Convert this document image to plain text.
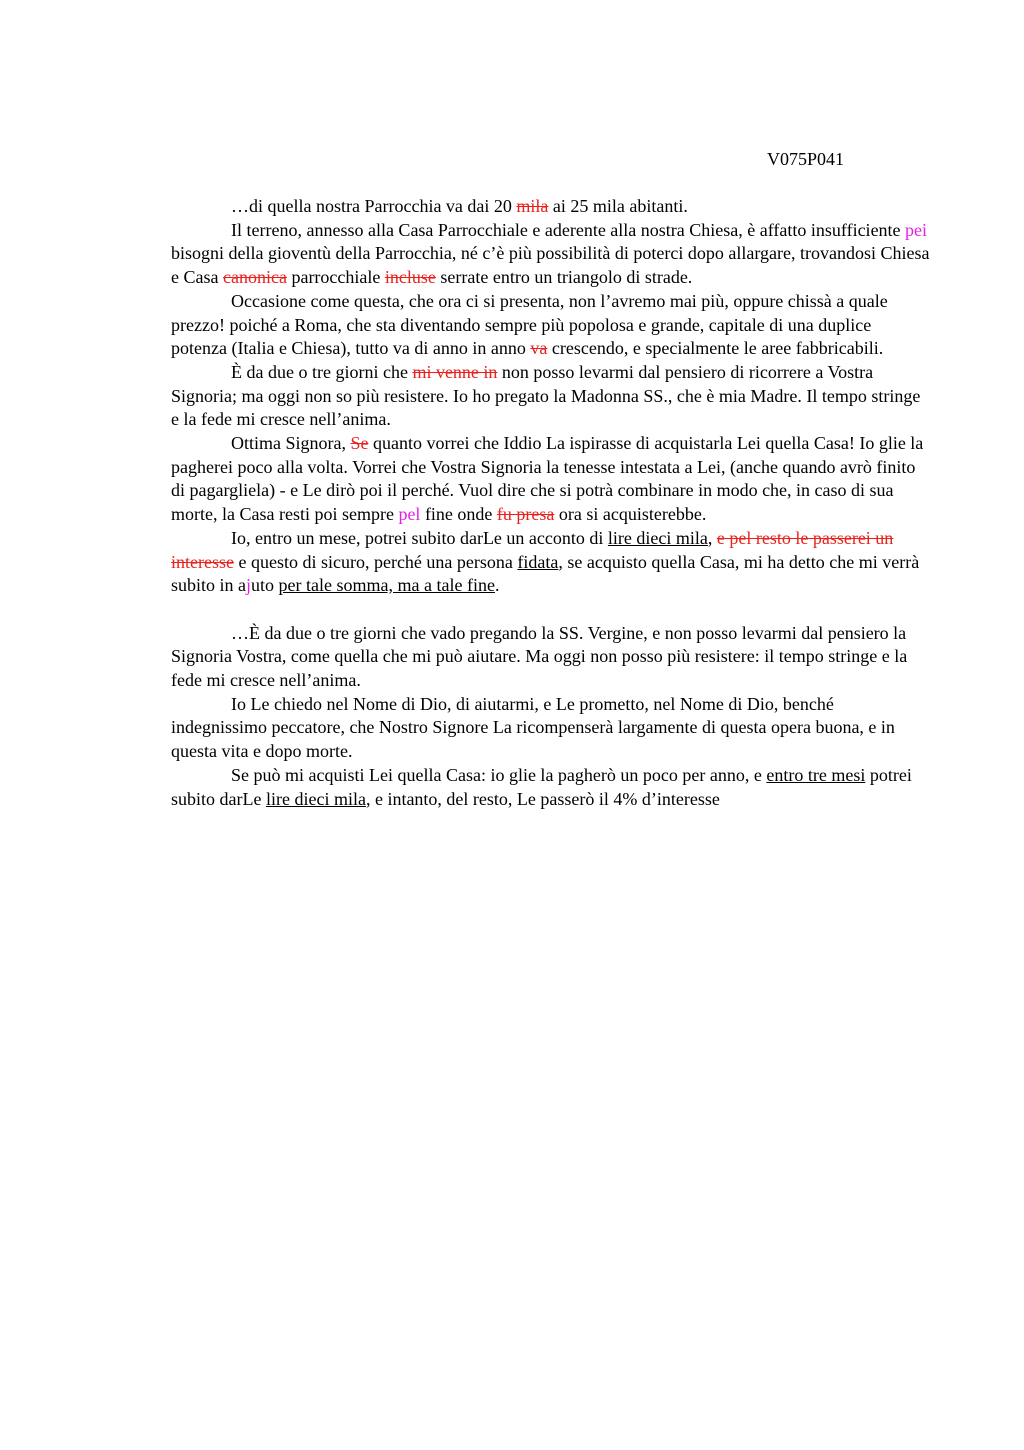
V075P041

…di quella nostra Parrocchia va dai 20 mila ai 25 mila abitanti.

Il terreno, annesso alla Casa Parrocchiale e aderente alla nostra Chiesa, è affatto insufficiente pei bisogni della gioventù della Parrocchia, né c’è più possibilità di poterci dopo allargare, trovandosi Chiesa e Casa canonica parrocchiale incluse serrate entro un triangolo di strade.

Occasione come questa, che ora ci si presenta, non l’avremo mai più, oppure chissà a quale prezzo! poiché a Roma, che sta diventando sempre più popolosa e grande, capitale di una duplice potenza (Italia e Chiesa), tutto va di anno in anno va crescendo, e specialmente le aree fabbricabili.

È da due o tre giorni che mi venne in non posso levarmi dal pensiero di ricorrere a Vostra Signoria; ma oggi non so più resistere. Io ho pregato la Madonna SS., che è mia Madre. Il tempo stringe e la fede mi cresce nell’anima.

Ottima Signora, Se quanto vorrei che Iddio La ispirasse di acquistarla Lei quella Casa! Io glie la pagherei poco alla volta. Vorrei che Vostra Signoria la tenesse intestata a Lei, (anche quando avrò finito di pagargliela) - e Le dirò poi il perché. Vuol dire che si potrà combinare in modo che, in caso di sua morte, la Casa resti poi sempre pel fine onde fu presa ora si acquisterebbe.

Io, entro un mese, potrei subito darLe un acconto di lire dieci mila, e pel resto le passerei un interesse e questo di sicuro, perché una persona fidata, se acquisto quella Casa, mi ha detto che mi verrà subito in ajuto per tale somma, ma a tale fine.

…È da due o tre giorni che vado pregando la SS. Vergine, e non posso levarmi dal pensiero la Signoria Vostra, come quella che mi può aiutare. Ma oggi non posso più resistere: il tempo stringe e la fede mi cresce nell’anima.

Io Le chiedo nel Nome di Dio, di aiutarmi, e Le prometto, nel Nome di Dio, benché indegnissimo peccatore, che Nostro Signore La ricompenserà largamente di questa opera buona, e in questa vita e dopo morte.

Se può mi acquisti Lei quella Casa: io glie la pagherò un poco per anno, e entro tre mesi potrei subito darLe lire dieci mila, e intanto, del resto, Le passerò il 4% d’interesse
